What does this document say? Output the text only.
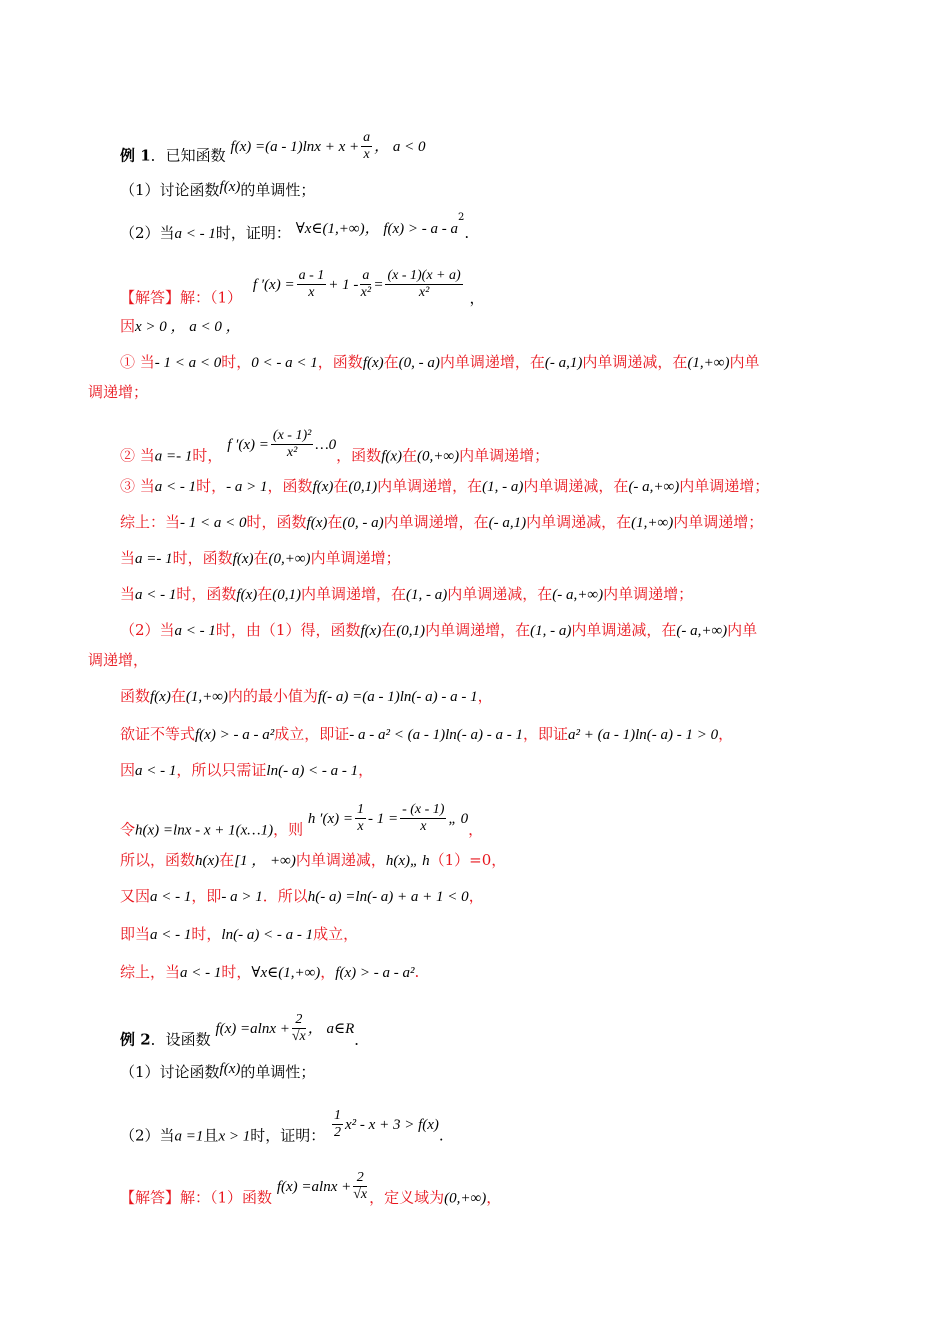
例 1．已知函数 $f(x) =(a - 1)\ln x + x + \frac{a}{x}$ ， a < 0
（1）讨论函数f(x)的单调性；
（2）当a < - 1时，证明： ∀x∈(1,+∞)， f(x) > - a - $a^2$.
【解答】解：（1） f $'(x) = \frac{a - 1}{x} + 1 - \frac{a}{\text{x²}} = \frac{(x - 1)(x + a)}{\text{x²}}$ ，
因x > 0 ， a < 0 ，
① 当- 1 < a < 0时，0 < - a < 1，函数f(x)在(0, - a)内单调递增，在(- a,1)内单调递减，在(1,+∞)内单
调递增；
② 当a =- 1时， f $'(x) = \frac{\text{(x - 1)²}}{\text{x²}}$ …0，函数f(x)在(0,+∞)内单调递增；
③ 当a < - 1时，- a > 1，函数f(x)在(0,1)内单调递增，在(1, - a)内单调递减，在(- a,+∞)内单调递增；
综上：当- 1 < a < 0时，函数f(x)在(0, - a)内单调递增，在(- a,1)内单调递减，在(1,+∞)内单调递增；
当a =- 1时，函数f(x)在(0,+∞)内单调递增；
当a < - 1时，函数f(x)在(0,1)内单调递增，在(1, - a)内单调递减，在(- a,+∞)内单调递增；
（2）当a < - 1时，由（1）得，函数f(x)在(0,1)内单调递增，在(1, - a)内单调递减，在(- a,+∞)内单
调递增，
函数f(x)在(1,+∞)内的最小值为f(- a) =(a - 1)ln(- a) - a - 1，
欲证不等式f(x) > - a - a²成立，即证- a - a² < (a - 1)ln(- a) - a - 1，即证a² + (a - 1)ln(- a) - 1 > 0，
因a < - 1，所以只需证ln(- a) < - a - 1，
令h(x) =lnx - x + 1(x…1)，则 h $'(x) = \frac{1}{x} - 1 = \frac{- (x - 1)}{x}$ „ 0，
所以，函数h(x)在[1 ， +∞)内单调递减，h(x)„ h（1）=0，
又因a < - 1，即- a > 1．所以h(- a) =ln(- a) + a + 1 < 0，
即当a < - 1时，ln(- a) < - a - 1成立，
综上，当a < - 1时，∀x∈(1,+∞)，f(x) > - a - a².
例 2．设函数 $f(x) =alnx + \frac{2}{√x}$ ， a∈R．
（1）讨论函数f(x)的单调性；
（2）当a =1且x > 1时，证明： $\frac{1}{2} x^2 - x + 3 > f(x)$.
【解答】解：（1）函数 $f(x) =alnx + \frac{2}{√x}$ ，定义域为(0,+∞)，
